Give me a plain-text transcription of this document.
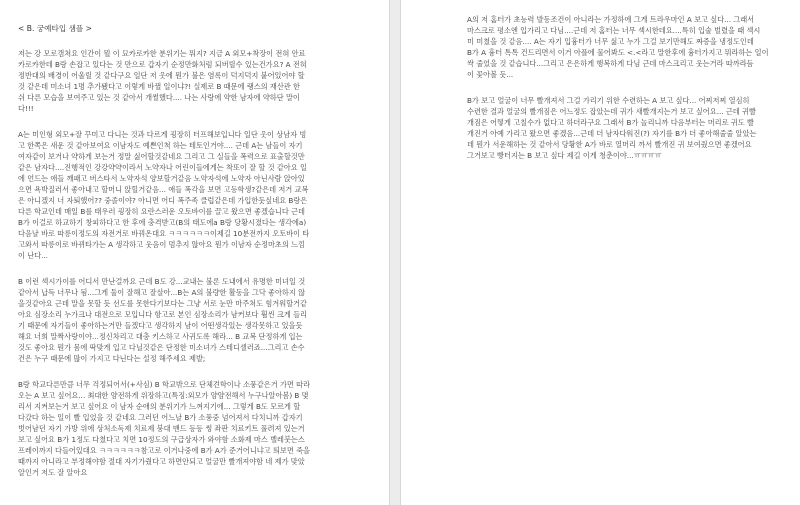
< B. 궁예타입 샘플 >
저는 강 모로갬쳐요 인간이 뭘 이 묘카로카한 분위기는 뭐지? 지금 A 외모+착장이 전혀 안료
카로카한데 B랑 손잡고 있다는 것 만으로 갑자기 순정만화처럼 되버릴수 있는건가요? A 전혀
정반대의 배경이 어울릴 것 같다구요 일단 저 옷에 뭔가 불은 염록이 덕지덕지 붙어있어야 할
것 같은데 미소녀 1명 추가됐다고 이렇게 바뀔 일이냐?! 실제로 B 때문에 랭스의 재산관 한
쉬 다른 모습을 보여주고 있는 것 같아서 개썰했다.... 나는 사랑에 약한 남자에 약하단 말이
다!!!
A는 미인형 외모+잘 꾸미고 다니는 것과 다르게 굉장히 터프해보입니다 일단 옷이 상남자 빙
고 한쪽은 새운 것 같아보여요 이남자도 예쁜인척 하는 테토인거야.... 근데 A는 남들이 자기
여자같이 보거나 약하게 보는거 정말 싫어할것같네요 그리고 그 실들을 폭력으로 표출할것만
같은 남자다....진행적인 강강약약이라서 노약자나 어린이들에게는 착또이 잘 할 것 같아요 일
에 언드는 애들 깨패고 버스타서 노약자석 양보할거같음 노약자석에 노약자 아닌사람 앉아있
으면 욕박질러서 좋아내고 할머니 앉힐거같음... 애들 폭각을 보면 고등학생?같은데 저거 교복
은 아니겠지 너 자퇴했어?? 중졸이야? 아니면 어디 폭주족 클럽같은데 가입한듯싶네요 B랑은
다른 학교인데 매일 B를 태우러 굉장히 요란스러운 오토바이를 끌고 왔으면 좋겠습니다 근데
B가 이걸로 하교하기 창피하다고 한 후에 충격받고(B의 태도에a B랑 당황시졌다는 생각에a)
다음날 바로 따릉이정도의 자전거로 바꿔온대요 ㅋㅋㅋㅋㅋㅋ이제길 10분전까지 오토바이 타
고와서 따릉이로 바뀌타가는 A 생각하고 웃음이 멈추지 않아요 뭔가 이남자 순정마초의 느낌
이 난다...
B 이런 섹시가이를 어디서 만난걸까요 근데 B도 강...교내는 불론 도내에서 유명한 미녀일 것
같아서 납득 너무나 됨...그게 둘이 잘해고 잘살아...B는 A의 불량한 활동을 그닥 좋아하지 않
을것같아요 근데 말을 못할 듯 선도를 못한다기보다는 그냥 서로 눈만 마주쳐도 힘겨워할거같
아요 심장소리 누가크나 대전으로 모입니다 항고로 본인 심장소리가 남커보다 훨씬 크게 들리
기 때문에 자기들이 좋아하는거만 들겠다고 생각하지 남이 어떤생각있는 생각못하고 있을듯
해요 너희 말짝사랑이야...정신차리고 대충 키스하고 사귀도록 해라... B 교복 단정하게 입는
것도 좋아요 뭔가 몸에 딱맞게 입고 다닐것같은 단정한 미소녀가 스테디셀러죠...그리고 손수
건은 누구 때문에 많이 가지고 다닌다는 설정 해주세요 제발;
B랑 학교다른만큼 너무 걱정되어서(+사심) B 학교밖으로 단체견학이나 소풍같은거 가면 따라
오는 A 보고 싶어요... 최대한 얌전하게 위장하고(특징:외모가 얌얌전해서 누구나알아봄) B 몇
리서 지켜보는거 보고 싶어요 이 남자 순애의 분위기가 느껴지기에... 그렇게 B도 모르게 할
다갔다 하는 일이 빨 입었을 것 같네요 그러던 어느날 B가 소풍중 넘어져서 다치니까 갑자기
벗어남던 자기 가방 위에 상처소독제 치료제 붕대 맨드 등등 썽 좌판 치료키트 풀려져 있는거
보고 싶어요 B가 1정도 다쳤다고 치면 10정도의 구급상자가 와야함 소화제 마스 벨레붓는스
프레이까지 다들어있대요 ㅋㅋㅋㅋㅋㅋ참고로 이거나중에 B가 A가 준거어니냐고 띄보면 죽을
때까지 아니라고 부정해야함 절대 자기가줬다고 하면안되고 얼굴만 빨개져야함 네 제가 맞았
알인거 저도 잘 알아요
A의 저 홈터가 초능력 발동조건이 아니라는 가정하에 그게 트라우마인 A 보고 싶다... 그래서
마스크로 평소엔 입가리고 다님....근데 저 홈터는 너무 섹시한데요....특히 입술 벌렸을 때 섹시
미 미쳤을 것 같음.... A는 자기 입흉터가 너무 싫고 누가 그걸 보기만해도 짜증을 냉정도인데
B가 A 흉터 톡톡 건드리면서 이거 아플에 물어봐도 <.<라고 말한후에 흉터가지고 뭐라하는 일이
싹 줄었을 것 같습니다...그리고 은은하게 행복하게 다님 근데 마스크리고 웃는거라 따까라듬
이 꽃아볼 듯...
B가 보고 얼굴이 너무 빨개져서 그걸 가리기 위한 수련하는 A 보고 싶다... 어찌저찌 열심히
수련한 결과 얼굴의 빨개짐은 어느정도 잡았는데 귀가 새빨개지는거 보고 싶어요... 근데 귀빨
개짐은 어떻게 고칠수가 없다고 하더라구요 그래서 B가 놀리니까 다음부터는 머리로 귀도 빨
개진거 아예 가리고 왔으면 좋겠음...근데 더 남자다워진(?) 자기를 B가 더 좋아해줄줄 알았는
데 뭔가 서운해하는 것 같아서 당황한 A가 바로 열머리 까서 빨개진 귀 보여줬으면 좋겠어요
그거보고 빵터지는 B 보고 싶다 제길 이게 청춘이야...ㅠㅠㅠㅠ
